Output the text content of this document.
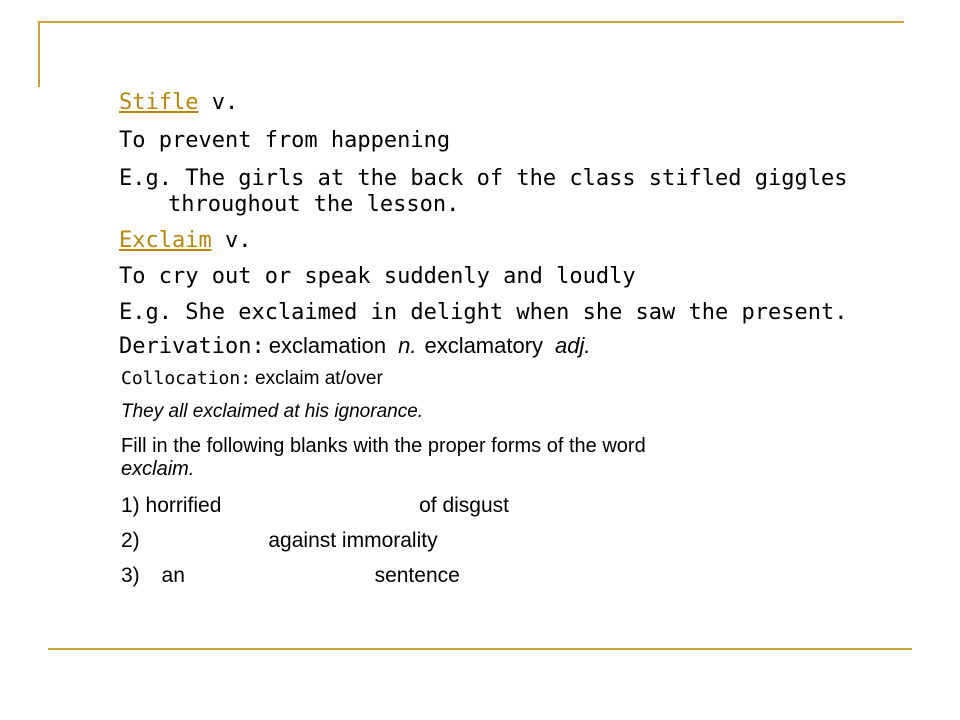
Stifle v.
To prevent from happening
E.g. The girls at the back of the class stifled giggles
throughout the lesson.
Exclaim v.
To cry out or speak suddenly and loudly
E.g. She exclaimed in delight when she saw the present.
Derivation: exclamation n. exclamatory adj.
Collocation: exclaim at/over
They all exclaimed at his ignorance.
Fill in the following blanks with the proper forms of the word
exclaim.
1) horrified	of disgust
2)	against immorality
3) an	sentence
